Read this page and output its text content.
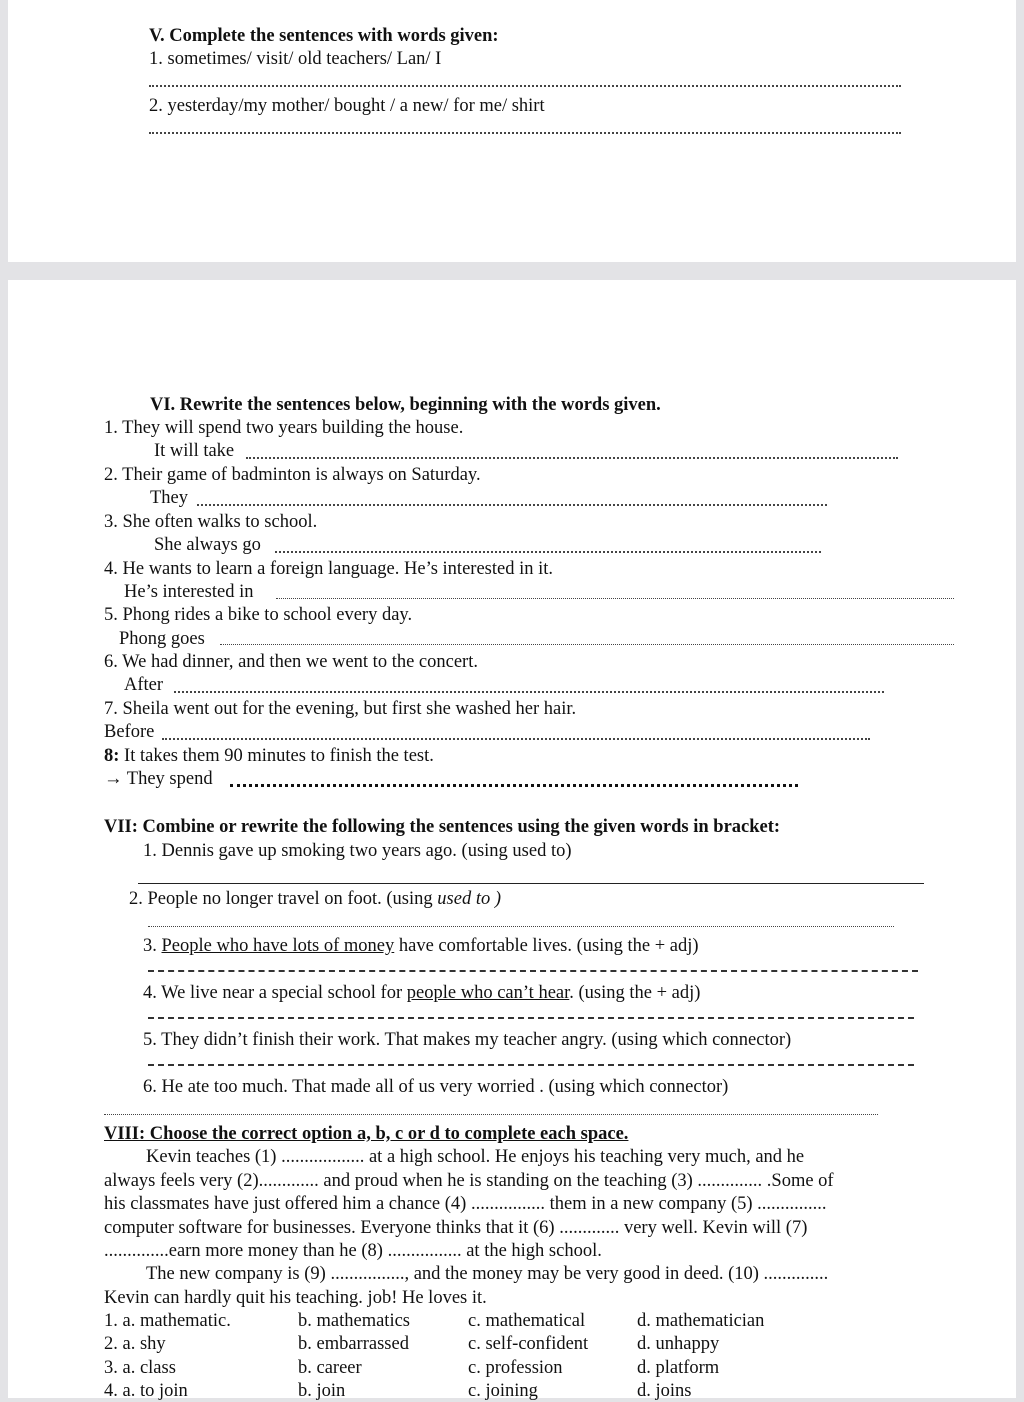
V. Complete the sentences with words given:
1. sometimes/ visit/ old teachers/ Lan/ I
2. yesterday/my mother/ bought / a new/ for me/ shirt
VI. Rewrite the sentences below, beginning with the words given.
1. They will spend two years building the house.
It will take
2. Their game of badminton is always on Saturday.
They
3. She often walks to school.
She always go
4. He wants to learn a foreign language. He’s interested in it.
He’s interested in
5. Phong rides a bike to school every day.
Phong goes
6. We had dinner, and then we went to the concert.
After
7. Sheila went out for the evening, but first she washed her hair.
Before
8: It takes them 90 minutes to finish the test.
→ They spend
VII: Combine or rewrite the following the sentences using the given words in bracket:
1. Dennis gave up smoking two years ago. (using used to)
2. People no longer travel on foot. (using used to )
3. People who have lots of money have comfortable lives. (using the + adj)
4. We live near a special school for people who can’t hear. (using the + adj)
5. They didn’t finish their work. That makes my teacher angry. (using which connector)
6. He ate too much. That made all of us very worried . (using which connector)
VIII: Choose the correct option a, b, c or d to complete each space.
Kevin teaches (1) .................. at a high school. He enjoys his teaching very much, and he
always feels very (2)............. and proud when he is standing on the teaching (3) .............. .Some of
his classmates have just offered him a chance (4) ................ them in a new company (5) ...............
computer software for businesses. Everyone thinks that it (6) ............. very well. Kevin will (7)
..............earn more money than he (8) ................ at the high school.
The new company is (9) ................, and the money may be very good in deed. (10) ..............
Kevin can hardly quit his teaching. job! He loves it.
1. a. mathematic.	b. mathematics	c. mathematical	d. mathematician
2. a. shy	b. embarrassed	c. self-confident	d. unhappy
3. a. class	b. career	c. profession	d. platform
4. a. to join	b. join	c. joining	d. joins
